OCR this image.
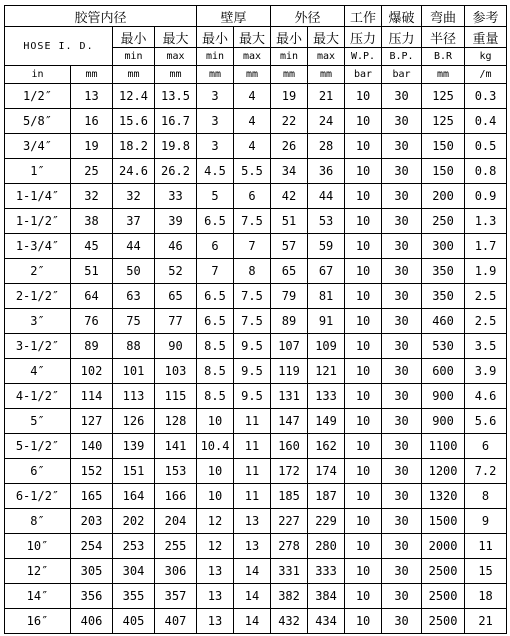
胶管内径				壁厚		外径		工作	爆破	弯曲	参考
HOSE I. D.		最小	最大	最小	最大	最小	最大	压力	压力	半径	重量
		min	max	min	max	min	max	W.P.	B.P.	B.R	kg
in	mm	mm	mm	mm	mm	mm	mm	bar	bar	mm	/m
1/2″	13	12.4	13.5	3	4	19	21	10	30	125	0.3
5/8″	16	15.6	16.7	3	4	22	24	10	30	125	0.4
3/4″	19	18.2	19.8	3	4	26	28	10	30	150	0.5
1″	25	24.6	26.2	4.5	5.5	34	36	10	30	150	0.8
1-1/4″	32	32	33	5	6	42	44	10	30	200	0.9
1-1/2″	38	37	39	6.5	7.5	51	53	10	30	250	1.3
1-3/4″	45	44	46	6	7	57	59	10	30	300	1.7
2″	51	50	52	7	8	65	67	10	30	350	1.9
2-1/2″	64	63	65	6.5	7.5	79	81	10	30	350	2.5
3″	76	75	77	6.5	7.5	89	91	10	30	460	2.5
3-1/2″	89	88	90	8.5	9.5	107	109	10	30	530	3.5
4″	102	101	103	8.5	9.5	119	121	10	30	600	3.9
4-1/2″	114	113	115	8.5	9.5	131	133	10	30	900	4.6
5″	127	126	128	10	11	147	149	10	30	900	5.6
5-1/2″	140	139	141	10.4	11	160	162	10	30	1100	6
6″	152	151	153	10	11	172	174	10	30	1200	7.2
6-1/2″	165	164	166	10	11	185	187	10	30	1320	8
8″	203	202	204	12	13	227	229	10	30	1500	9
10″	254	253	255	12	13	278	280	10	30	2000	11
12″	305	304	306	13	14	331	333	10	30	2500	15
14″	356	355	357	13	14	382	384	10	30	2500	18
16″	406	405	407	13	14	432	434	10	30	2500	21
